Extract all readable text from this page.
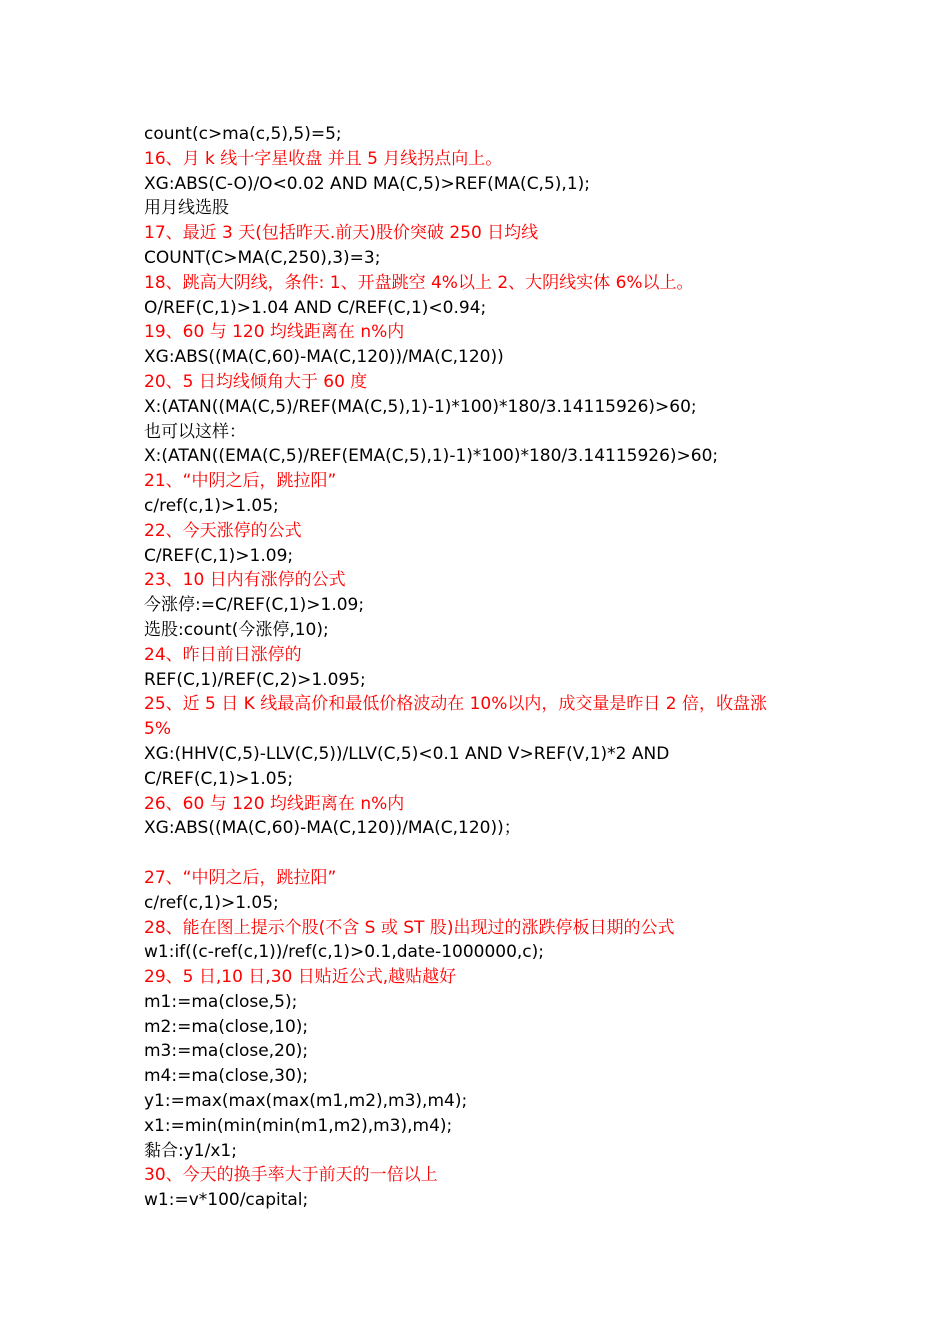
count(c>ma(c,5),5)=5;
16、月 k 线十字星收盘 并且 5 月线拐点向上。
XG:ABS(C-O)/O<0.02 AND MA(C,5)>REF(MA(C,5),1);
用月线选股
17、最近 3 天(包括昨天.前天)股价突破 250 日均线
COUNT(C>MA(C,250),3)=3;
18、跳高大阴线，条件: 1、开盘跳空 4%以上 2、大阴线实体 6%以上。
O/REF(C,1)>1.04 AND C/REF(C,1)<0.94;
19、60 与 120 均线距离在 n%内
XG:ABS((MA(C,60)-MA(C,120))/MA(C,120))
20、5 日均线倾角大于 60 度
X:(ATAN((MA(C,5)/REF(MA(C,5),1)-1)*100)*180/3.14115926)>60;
也可以这样：
X:(ATAN((EMA(C,5)/REF(EMA(C,5),1)-1)*100)*180/3.14115926)>60;
21、“中阴之后，跳拉阳”
c/ref(c,1)>1.05;
22、今天涨停的公式
C/REF(C,1)>1.09;
23、10 日内有涨停的公式
今涨停:=C/REF(C,1)>1.09;
选股:count(今涨停,10);
24、昨日前日涨停的
REF(C,1)/REF(C,2)>1.095;
25、近 5 日 K 线最高价和最低价格波动在 10%以内，成交量是昨日 2 倍，收盘涨
5%
XG:(HHV(C,5)-LLV(C,5))/LLV(C,5)<0.1 AND V>REF(V,1)*2 AND
C/REF(C,1)>1.05;
26、60 与 120 均线距离在 n%内
XG:ABS((MA(C,60)-MA(C,120))/MA(C,120))；
27、“中阴之后，跳拉阳”
c/ref(c,1)>1.05;
28、能在图上提示个股(不含 S 或 ST 股)出现过的涨跌停板日期的公式
w1:if((c-ref(c,1))/ref(c,1)>0.1,date-1000000,c);
29、5 日,10 日,30 日贴近公式,越贴越好
m1:=ma(close,5);
m2:=ma(close,10);
m3:=ma(close,20);
m4:=ma(close,30);
y1:=max(max(max(m1,m2),m3),m4);
x1:=min(min(min(m1,m2),m3),m4);
黏合:y1/x1;
30、今天的换手率大于前天的一倍以上
w1:=v*100/capital;
